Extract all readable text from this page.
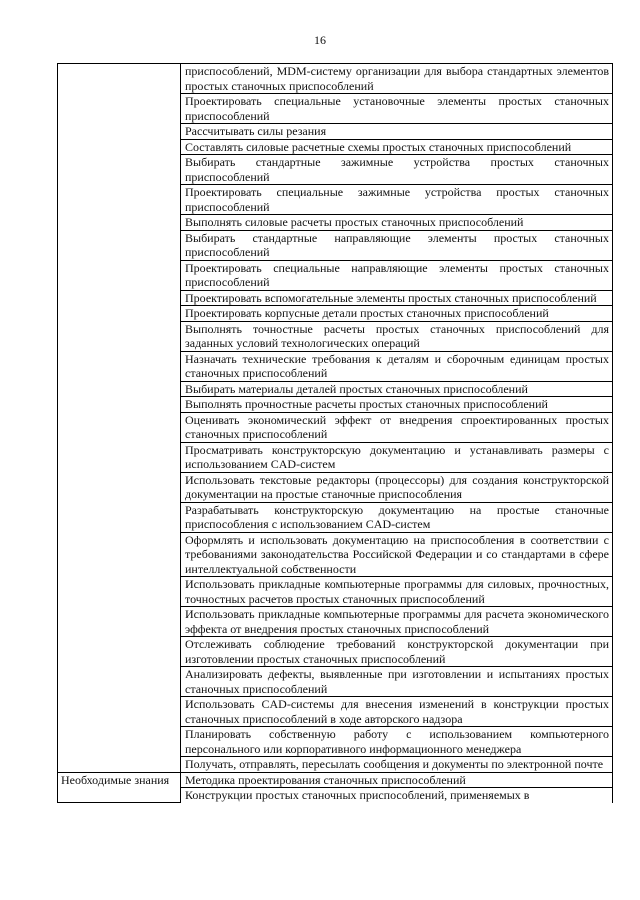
16
	приспособлений, MDM-систему организации для выбора стандартных элементов простых станочных приспособлений
	Проектировать специальные установочные элементы простых станочных приспособлений
	Рассчитывать силы резания
	Составлять силовые расчетные схемы простых станочных приспособлений
	Выбирать стандартные зажимные устройства простых станочных приспособлений
	Проектировать специальные зажимные устройства простых станочных приспособлений
	Выполнять силовые расчеты простых станочных приспособлений
	Выбирать стандартные направляющие элементы простых станочных приспособлений
	Проектировать специальные направляющие элементы простых станочных приспособлений
	Проектировать вспомогательные элементы простых станочных приспособлений
	Проектировать корпусные детали простых станочных приспособлений
	Выполнять точностные расчеты простых станочных приспособлений для заданных условий технологических операций
	Назначать технические требования к деталям и сборочным единицам простых станочных приспособлений
	Выбирать материалы деталей простых станочных приспособлений
	Выполнять прочностные расчеты простых станочных приспособлений
	Оценивать экономический эффект от внедрения спроектированных простых станочных приспособлений
	Просматривать конструкторскую документацию и устанавливать размеры с использованием CAD-систем
	Использовать текстовые редакторы (процессоры) для создания конструкторской документации на простые станочные приспособления
	Разрабатывать конструкторскую документацию на простые станочные приспособления с использованием CAD-систем
	Оформлять и использовать документацию на приспособления в соответствии с требованиями законодательства Российской Федерации и со стандартами в сфере интеллектуальной собственности
	Использовать прикладные компьютерные программы для силовых, прочностных, точностных расчетов простых станочных приспособлений
	Использовать прикладные компьютерные программы для расчета экономического эффекта от внедрения простых станочных приспособлений
	Отслеживать соблюдение требований конструкторской документации при изготовлении простых станочных приспособлений
	Анализировать дефекты, выявленные при изготовлении и испытаниях простых станочных приспособлений
	Использовать CAD-системы для внесения изменений в конструкции простых станочных приспособлений в ходе авторского надзора
	Планировать собственную работу с использованием компьютерного персонального или корпоративного информационного менеджера
	Получать, отправлять, пересылать сообщения и документы по электронной почте
Необходимые знания	Методика проектирования станочных приспособлений
	Конструкции простых станочных приспособлений, применяемых в
